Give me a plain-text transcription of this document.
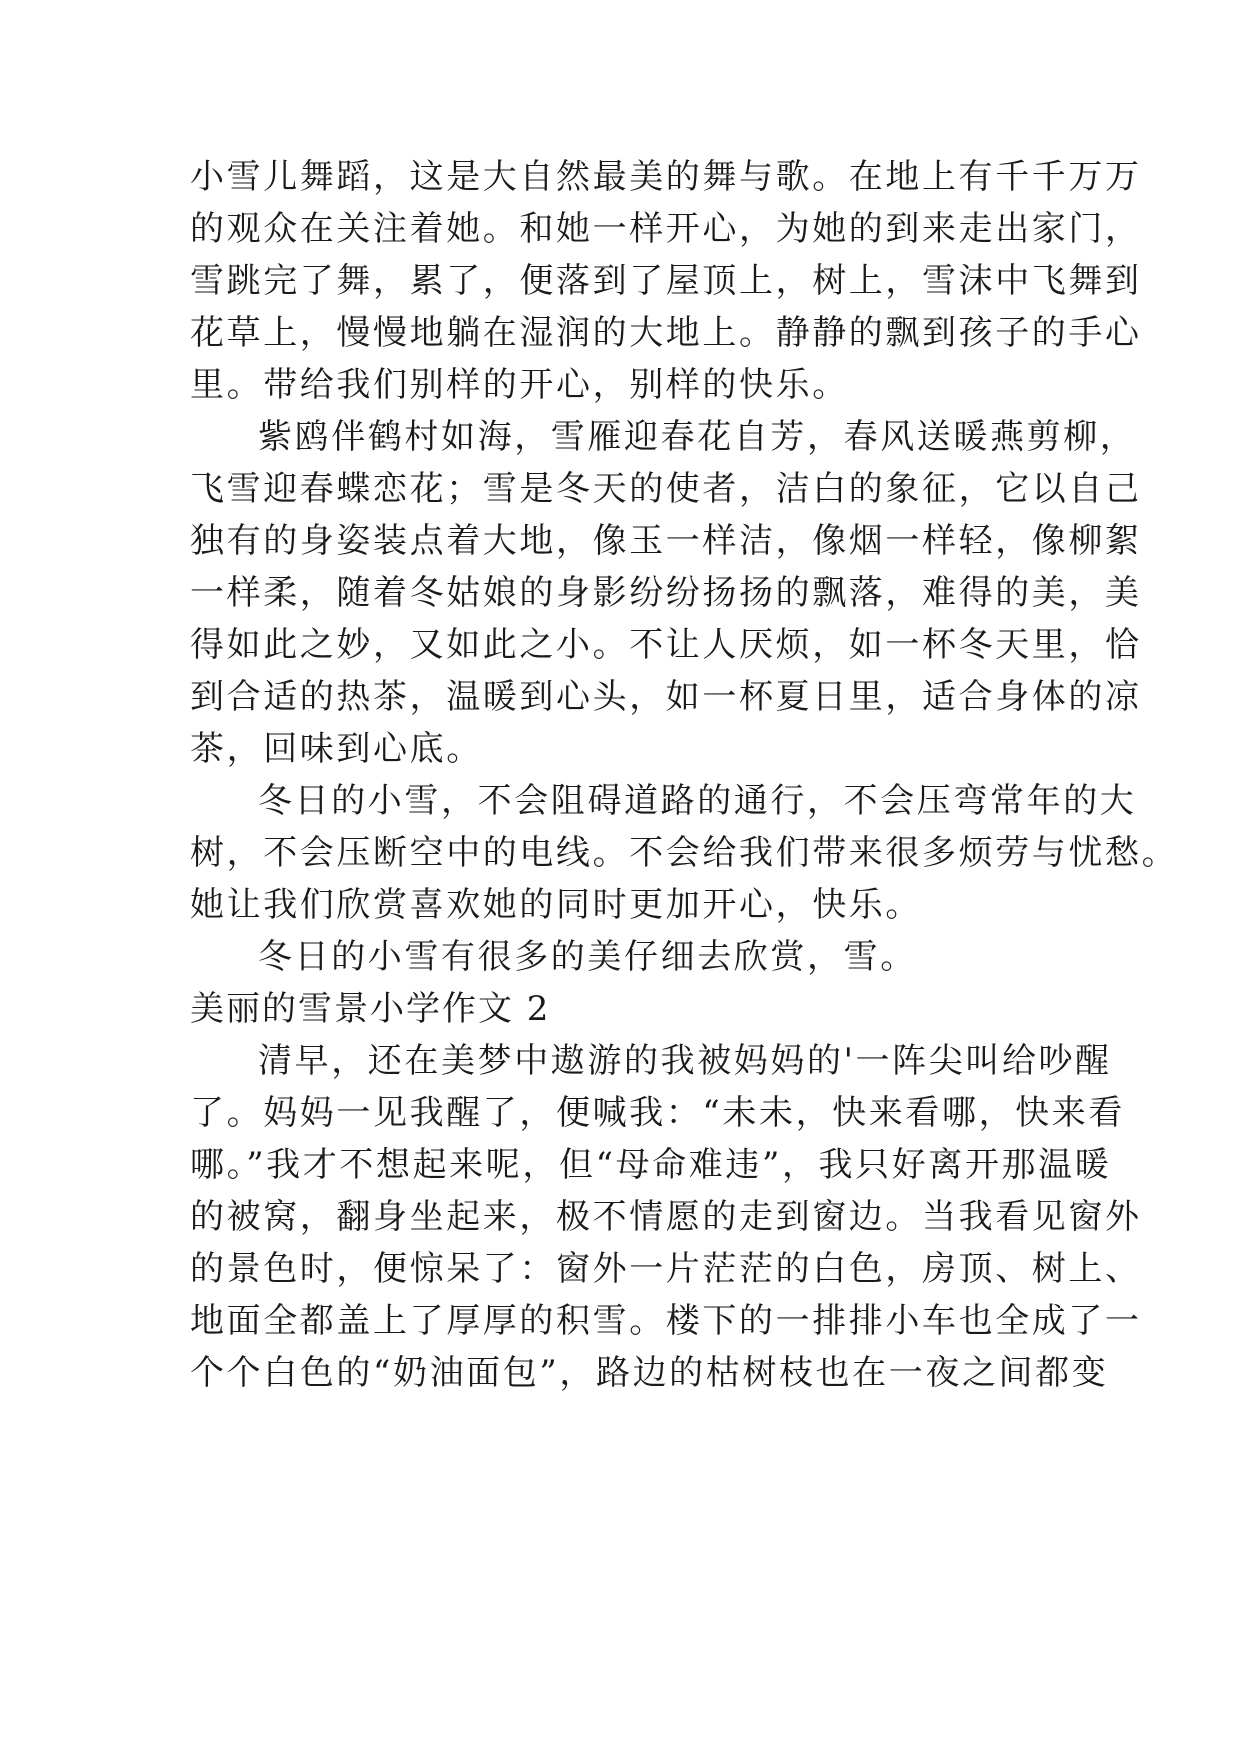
小雪儿舞蹈，这是大自然最美的舞与歌。在地上有千千万万
的观众在关注着她。和她一样开心，为她的到来走出家门，
雪跳完了舞，累了，便落到了屋顶上，树上，雪沫中飞舞到
花草上，慢慢地躺在湿润的大地上。静静的飘到孩子的手心
里。带给我们别样的开心，别样的快乐。
紫鸥伴鹤村如海，雪雁迎春花自芳，春风送暖燕剪柳，
飞雪迎春蝶恋花；雪是冬天的使者，洁白的象征，它以自己
独有的身姿装点着大地，像玉一样洁，像烟一样轻，像柳絮
一样柔，随着冬姑娘的身影纷纷扬扬的飘落，难得的美，美
得如此之妙，又如此之小。不让人厌烦，如一杯冬天里，恰
到合适的热茶，温暖到心头，如一杯夏日里，适合身体的凉
茶，回味到心底。
冬日的小雪，不会阻碍道路的通行，不会压弯常年的大
树，不会压断空中的电线。不会给我们带来很多烦劳与忧愁。
她让我们欣赏喜欢她的同时更加开心，快乐。
冬日的小雪有很多的美仔细去欣赏，雪。
美丽的雪景小学作文 2
清早，还在美梦中遨游的我被妈妈的'一阵尖叫给吵醒
了。妈妈一见我醒了，便喊我：“未未，快来看哪，快来看
哪。”我才不想起来呢，但“母命难违”，我只好离开那温暖
的被窝，翻身坐起来，极不情愿的走到窗边。当我看见窗外
的景色时，便惊呆了：窗外一片茫茫的白色，房顶、树上、
地面全都盖上了厚厚的积雪。楼下的一排排小车也全成了一
个个白色的“奶油面包”，路边的枯树枝也在一夜之间都变
